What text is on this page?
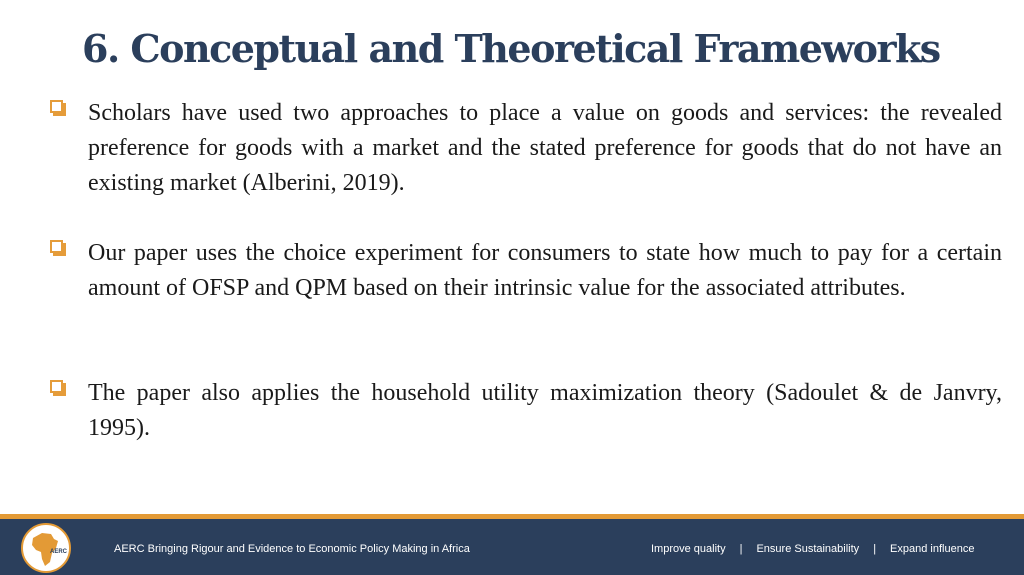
6. Conceptual and Theoretical Frameworks

Scholars have used two approaches to place a value on goods and services: the revealed preference for goods with a market and the stated preference for goods that do not have an existing market (Alberini, 2019).

Our paper uses the choice experiment for consumers to state how much to pay for a certain amount of OFSP and QPM based on their intrinsic value for the associated attributes.

The paper also applies the household utility maximization theory (Sadoulet & de Janvry, 1995).

AERC	AERC Bringing Rigour and Evidence to Economic Policy Making in Africa	Improve quality | Ensure Sustainability | Expand influence
